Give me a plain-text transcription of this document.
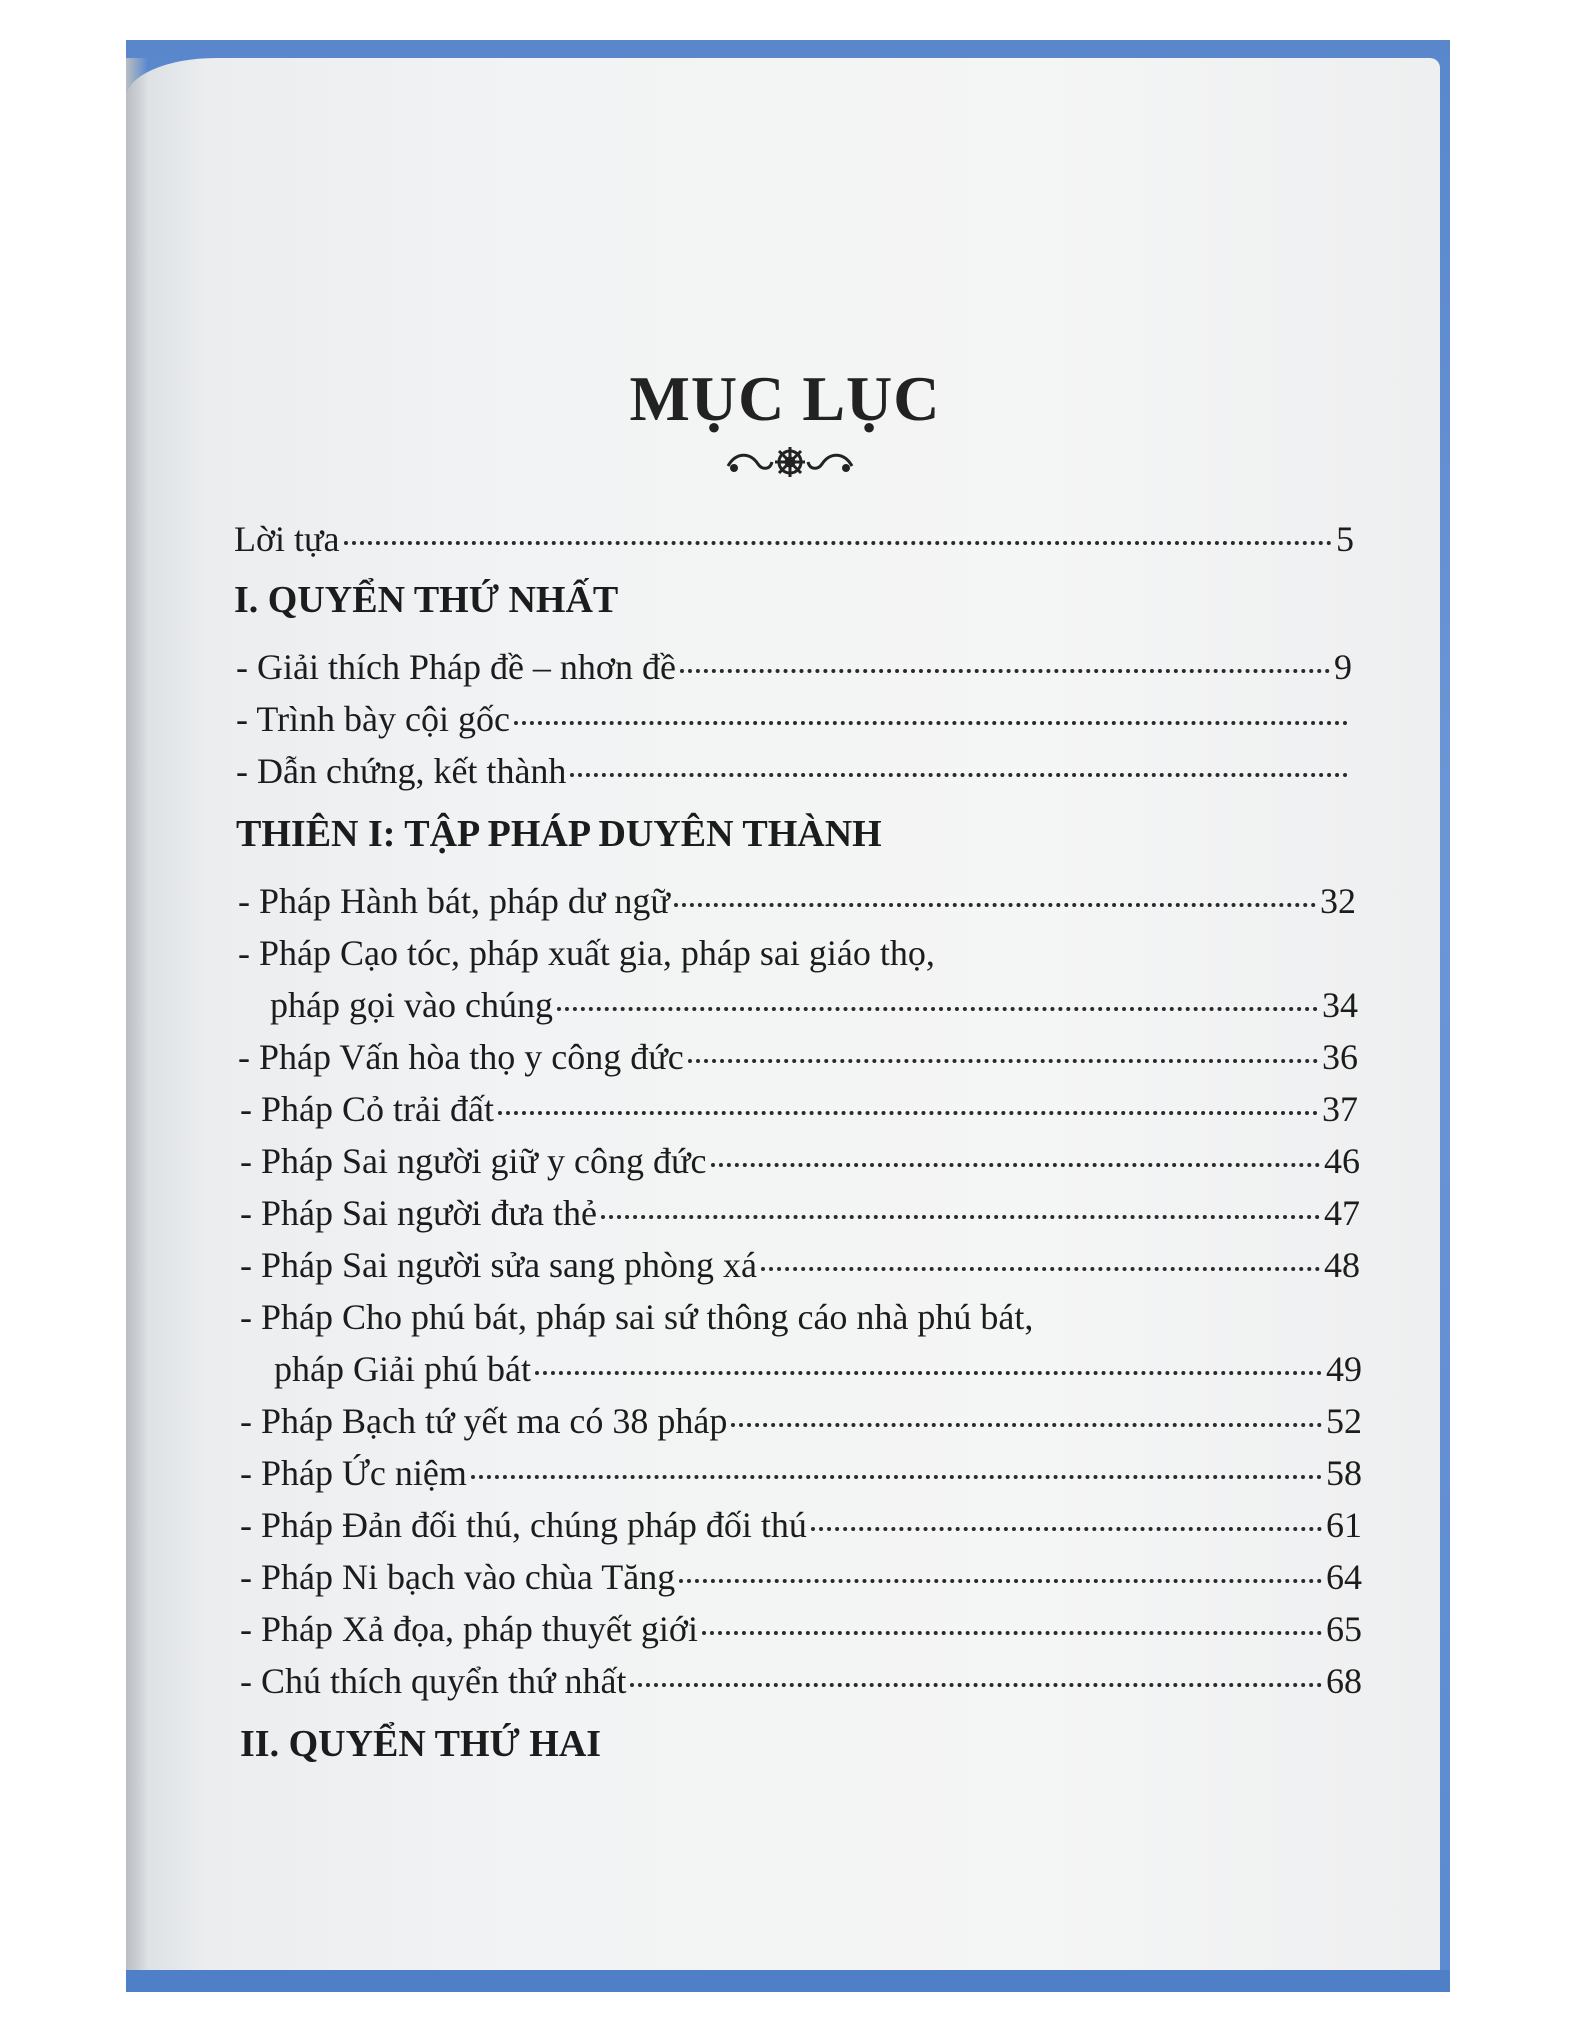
MỤC LỤC
Lời tựa	5
I. QUYỂN THỨ NHẤT
- Giải thích Pháp đề – nhơn đề	9
- Trình bày cội gốc
- Dẫn chứng, kết thành
THIÊN I: TẬP PHÁP DUYÊN THÀNH
- Pháp Hành bát, pháp dư ngữ	32
- Pháp Cạo tóc, pháp xuất gia, pháp sai giáo thọ,
pháp gọi vào chúng	34
- Pháp Vấn hòa thọ y công đức	36
- Pháp Cỏ trải đất	37
- Pháp Sai người giữ y công đức	46
- Pháp Sai người đưa thẻ	47
- Pháp Sai người sửa sang phòng xá	48
- Pháp Cho phú bát, pháp sai sứ thông cáo nhà phú bát,
pháp Giải phú bát	49
- Pháp Bạch tứ yết ma có 38 pháp	52
- Pháp Ức niệm	58
- Pháp Đản đối thú, chúng pháp đối thú	61
- Pháp Ni bạch vào chùa Tăng	64
- Pháp Xả đọa, pháp thuyết giới	65
- Chú thích quyển thứ nhất	68
II. QUYỂN THỨ HAI
